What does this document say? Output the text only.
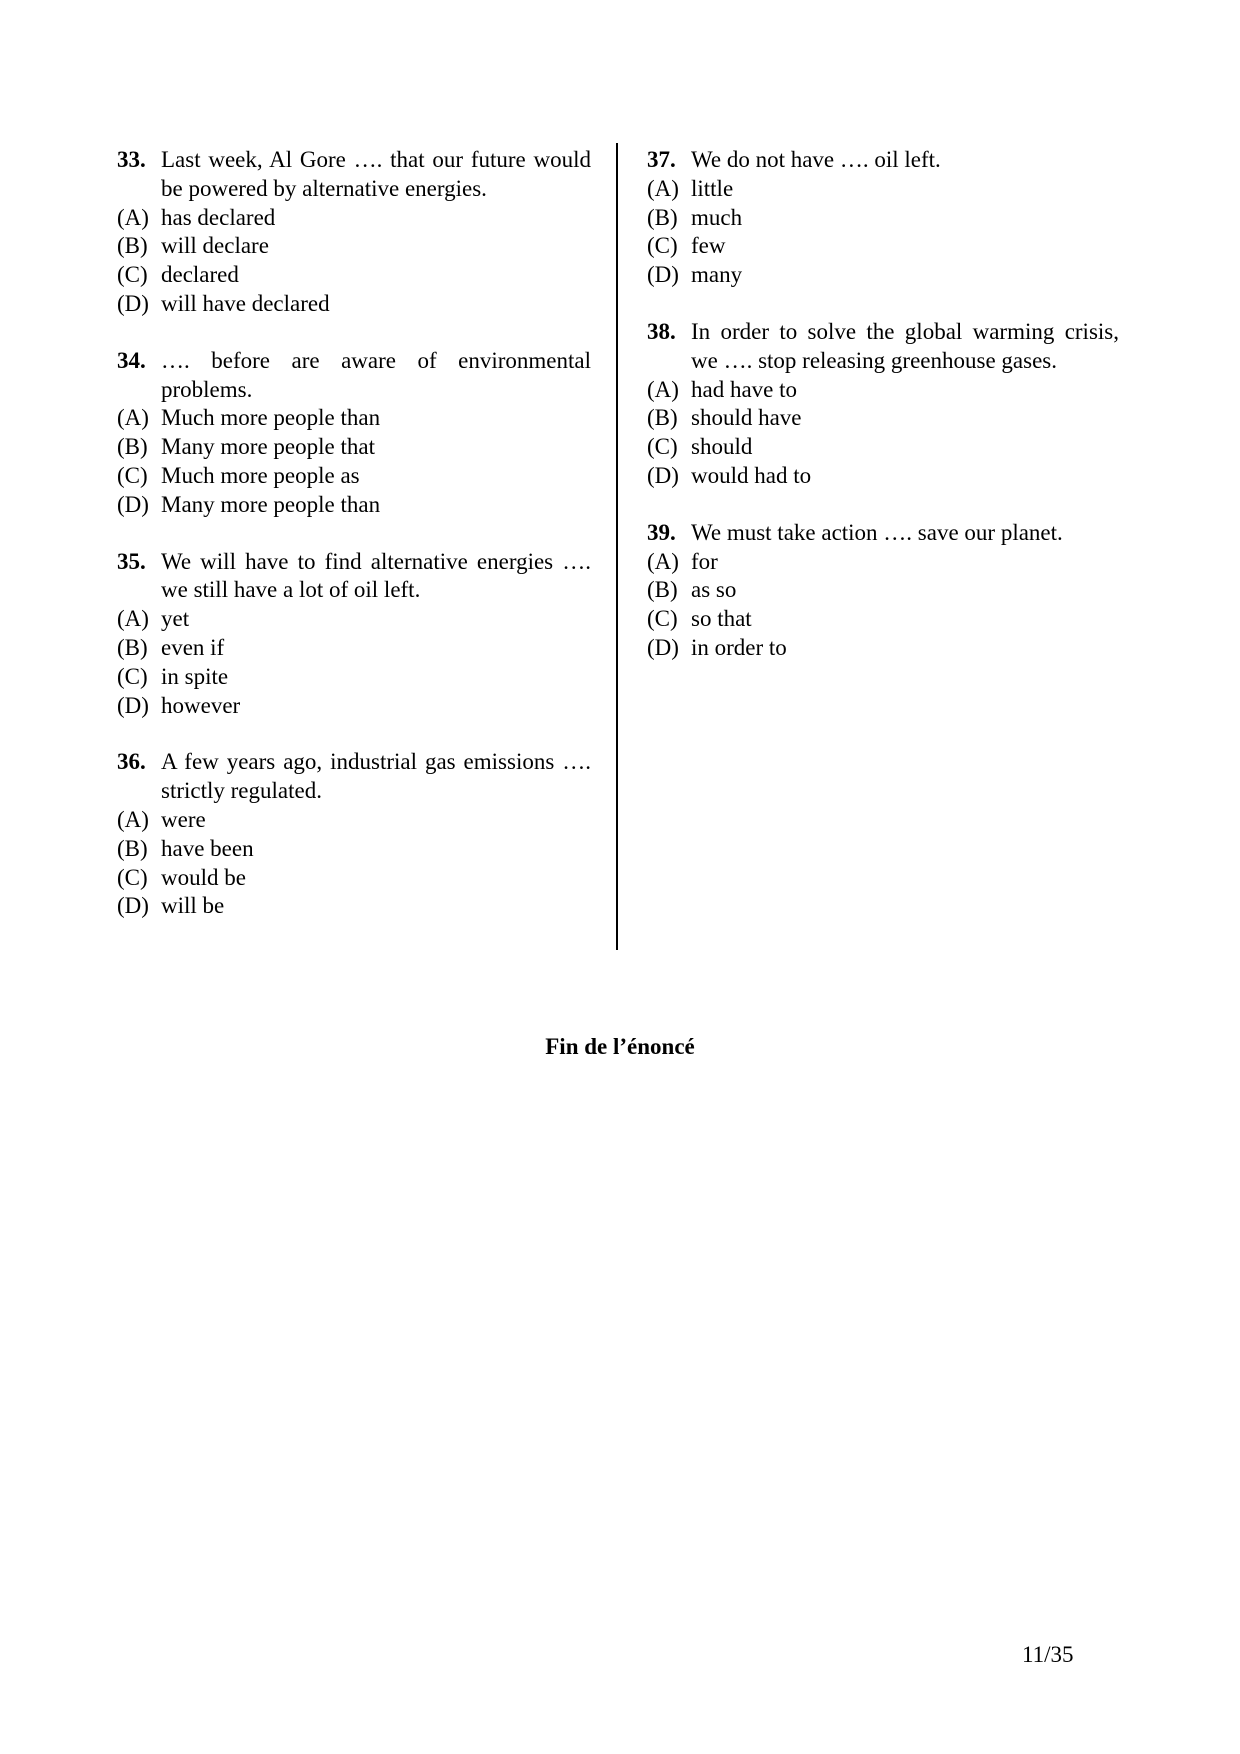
33. Last week, Al Gore …. that our future would be powered by alternative energies.
(A) has declared
(B) will declare
(C) declared
(D) will have declared
34. …. before are aware of environmental problems.
(A) Much more people than
(B) Many more people that
(C) Much more people as
(D) Many more people than
35. We will have to find alternative energies …. we still have a lot of oil left.
(A) yet
(B) even if
(C) in spite
(D) however
36. A few years ago, industrial gas emissions …. strictly regulated.
(A) were
(B) have been
(C) would be
(D) will be
37. We do not have …. oil left.
(A) little
(B) much
(C) few
(D) many
38. In order to solve the global warming crisis, we …. stop releasing greenhouse gases.
(A) had have to
(B) should have
(C) should
(D) would had to
39. We must take action …. save our planet.
(A) for
(B) as so
(C) so that
(D) in order to
Fin de l’énoncé
11/35
